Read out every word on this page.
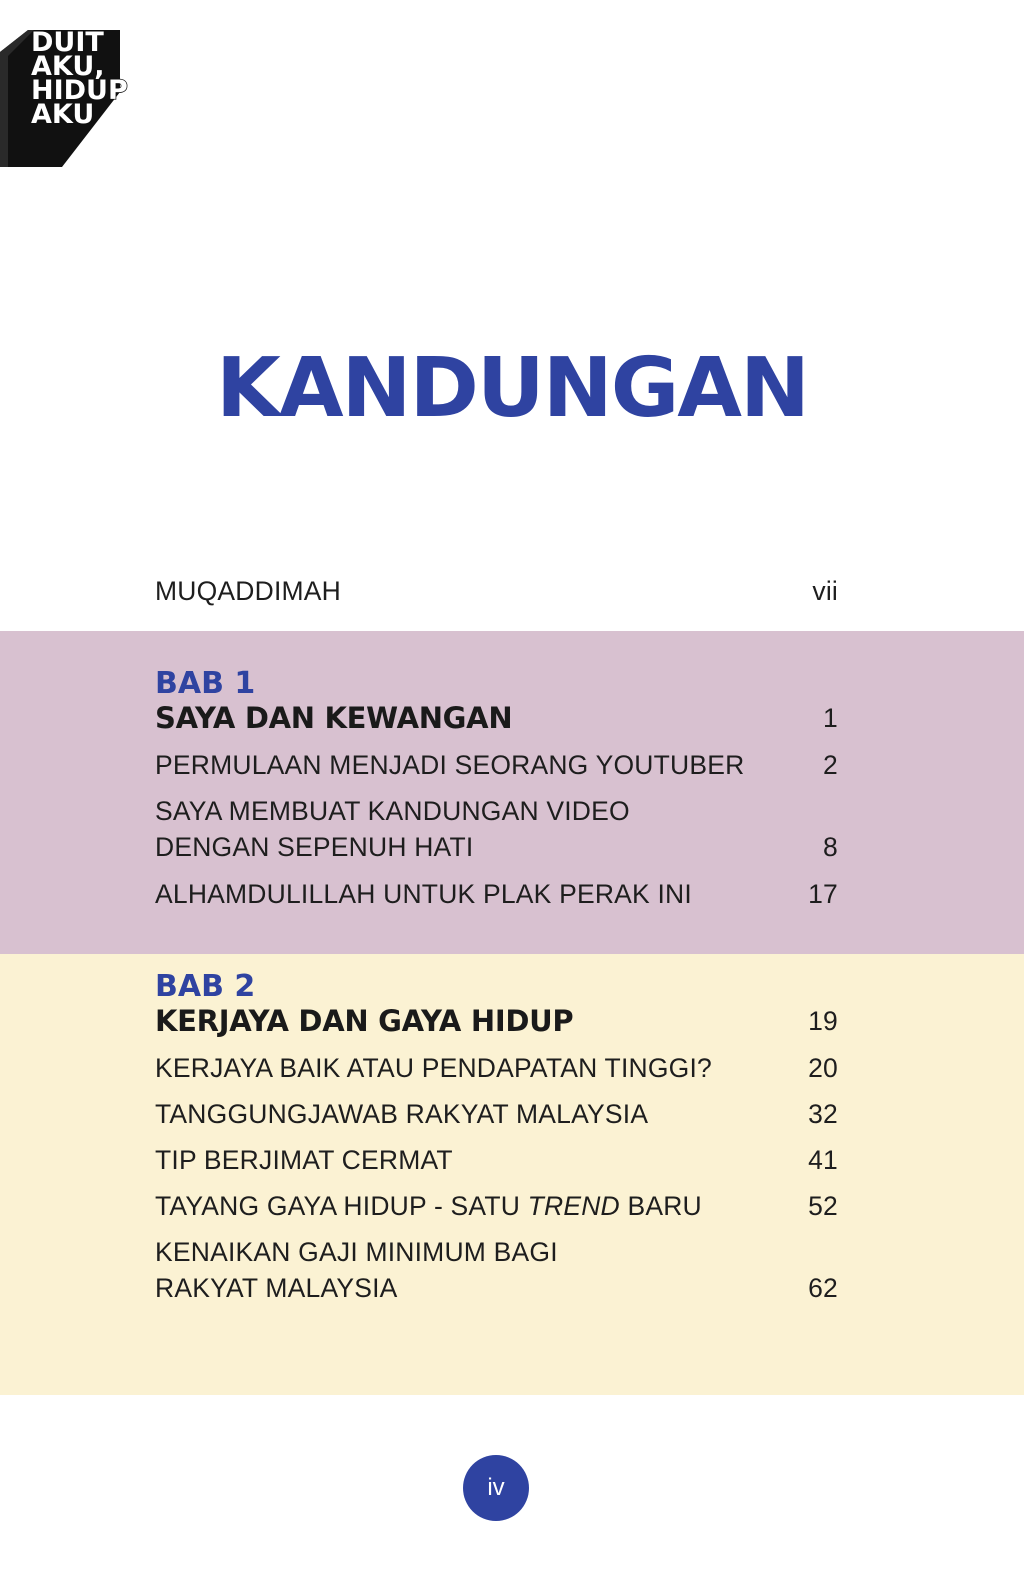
DUIT
AKU,
HIDUP
AKU
KANDUNGAN
MUQADDIMAH	vii
BAB 1
SAYA DAN KEWANGAN	1
PERMULAAN MENJADI SEORANG YOUTUBER	2
SAYA MEMBUAT KANDUNGAN VIDEO
DENGAN SEPENUH HATI	8
ALHAMDULILLAH UNTUK PLAK PERAK INI	17
BAB 2
KERJAYA DAN GAYA HIDUP	19
KERJAYA BAIK ATAU PENDAPATAN TINGGI?	20
TANGGUNGJAWAB RAKYAT MALAYSIA	32
TIP BERJIMAT CERMAT	41
TAYANG GAYA HIDUP - SATU TREND BARU	52
KENAIKAN GAJI MINIMUM BAGI
RAKYAT MALAYSIA	62
iv
